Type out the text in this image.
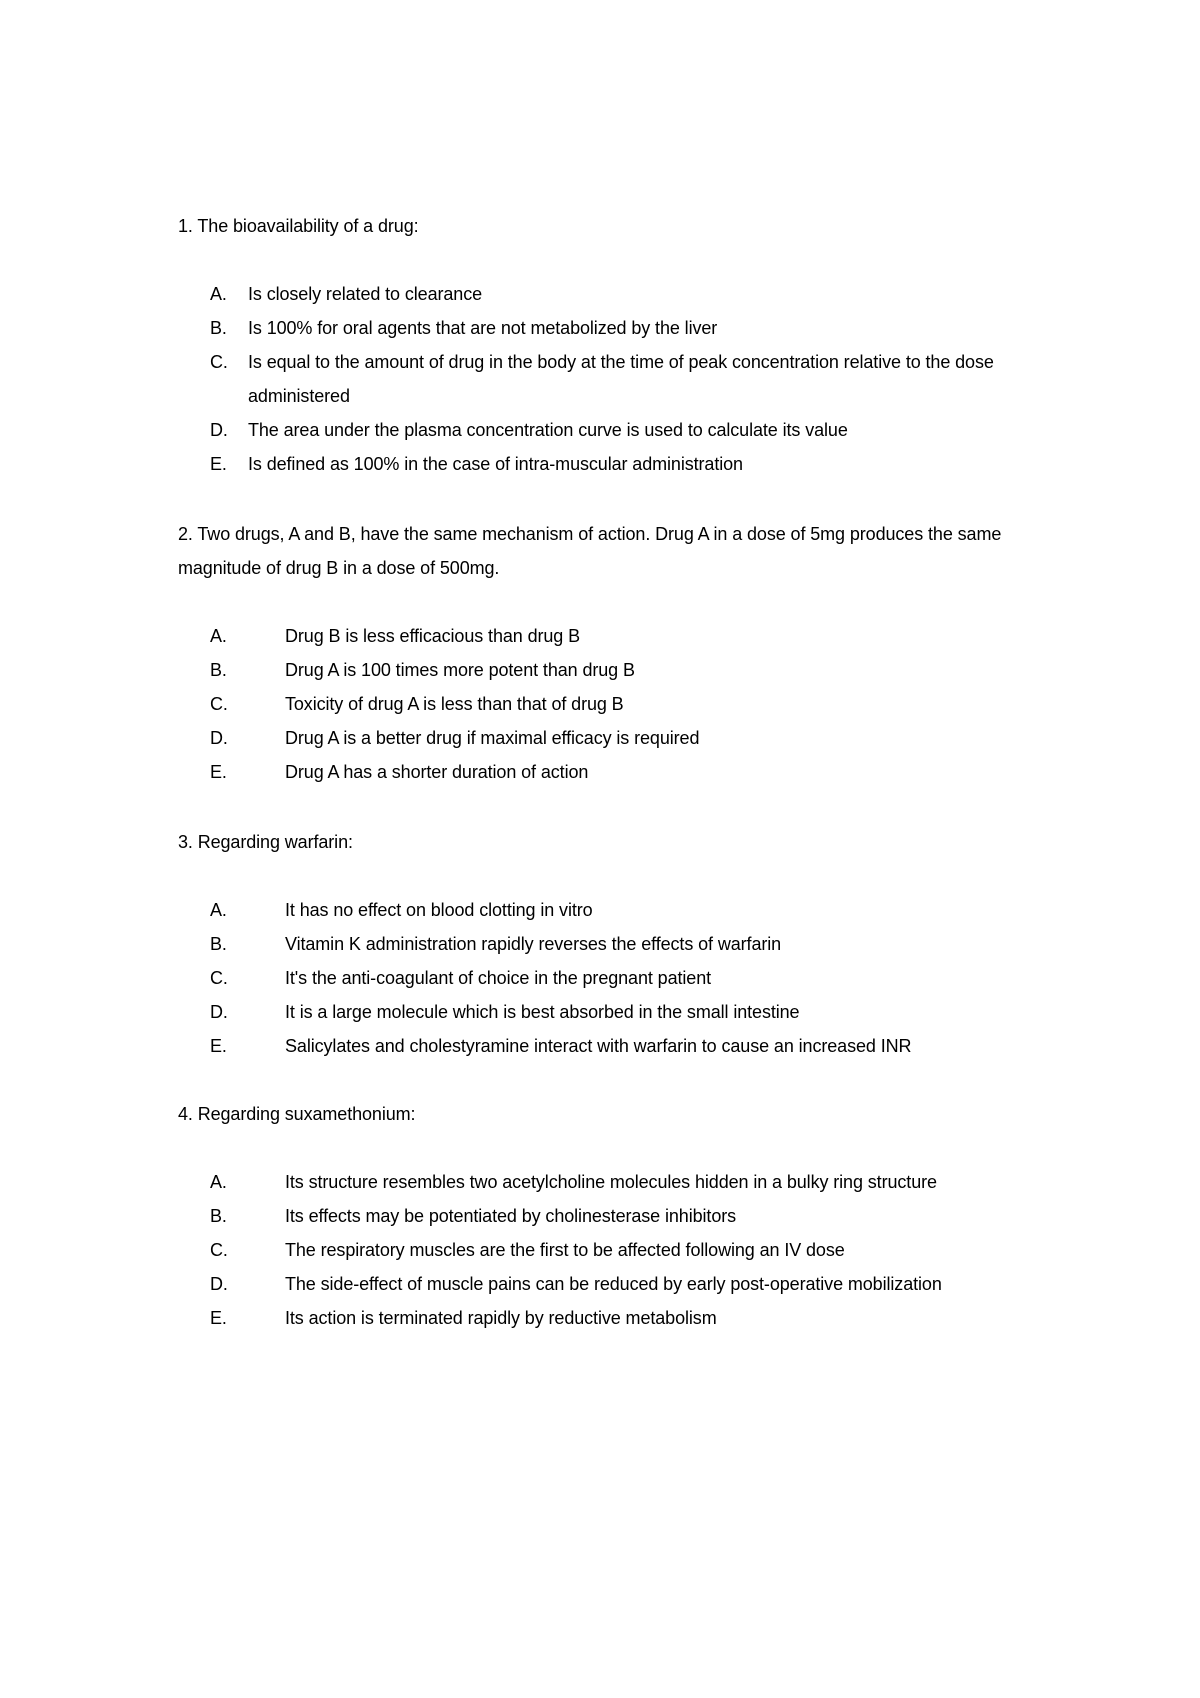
1. The bioavailability of a drug:

A. Is closely related to clearance
B. Is 100% for oral agents that are not metabolized by the liver
C. Is equal to the amount of drug in the body at the time of peak concentration relative to the dose administered
D. The area under the plasma concentration curve is used to calculate its value
E. Is defined as 100% in the case of intra-muscular administration

2. Two drugs, A and B, have the same mechanism of action. Drug A in a dose of 5mg produces the same magnitude of drug B in a dose of 500mg.

A.	Drug B is less efficacious than drug B
B.	Drug A is 100 times more potent than drug B
C.	Toxicity of drug A is less than that of drug B
D.	Drug A is a better drug if maximal efficacy is required
E.	Drug A has a shorter duration of action

3. Regarding warfarin:

A.	It has no effect on blood clotting in vitro
B.	Vitamin K administration rapidly reverses the effects of warfarin
C.	It's the anti-coagulant of choice in the pregnant patient
D.	It is a large molecule which is best absorbed in the small intestine
E.	Salicylates and cholestyramine interact with warfarin to cause an increased INR

4. Regarding suxamethonium:

A.	Its structure resembles two acetylcholine molecules hidden in a bulky ring structure
B.	Its effects may be potentiated by cholinesterase inhibitors
C.	The respiratory muscles are the first to be affected following an IV dose
D.	The side-effect of muscle pains can be reduced by early post-operative mobilization
E.	Its action is terminated rapidly by reductive metabolism
